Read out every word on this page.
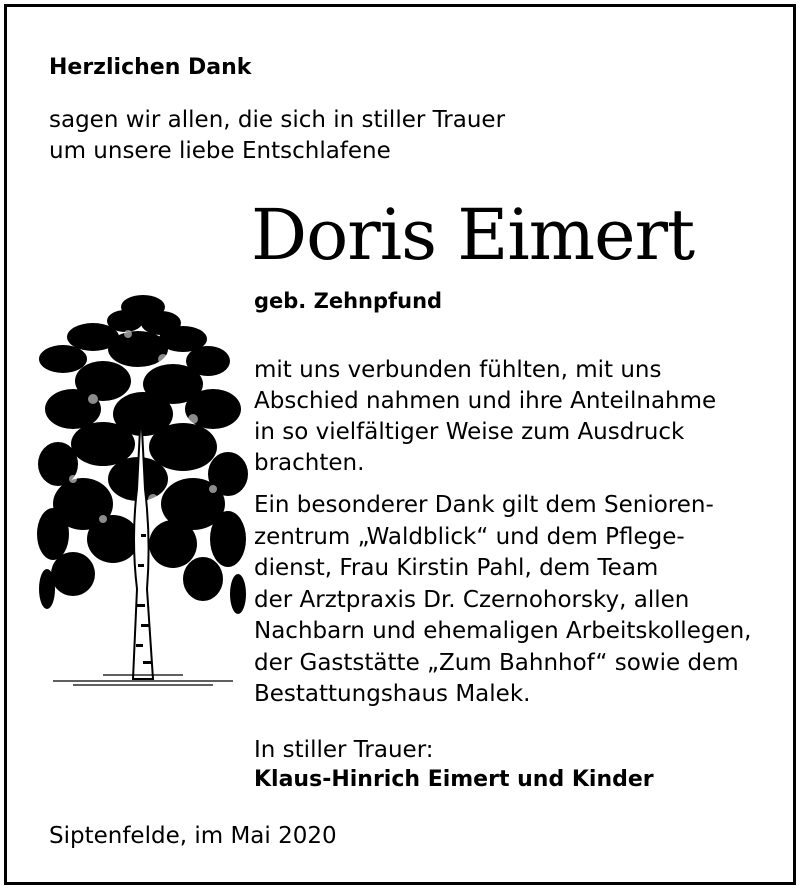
Herzlichen Dank
sagen wir allen, die sich in stiller Trauer
um unsere liebe Entschlafene
Doris Eimert
geb. Zehnpfund
mit uns verbunden fühlten, mit uns
Abschied nahmen und ihre Anteilnahme
in so vielfältiger Weise zum Ausdruck
brachten.
Ein besonderer Dank gilt dem Senioren-
zentrum „Waldblick“ und dem Pflege-
dienst, Frau Kirstin Pahl, dem Team
der Arztpraxis Dr. Czernohorsky, allen
Nachbarn und ehemaligen Arbeitskollegen,
der Gaststätte „Zum Bahnhof“ sowie dem
Bestattungshaus Malek.
In stiller Trauer:
Klaus-Hinrich Eimert und Kinder
Siptenfelde, im Mai 2020
